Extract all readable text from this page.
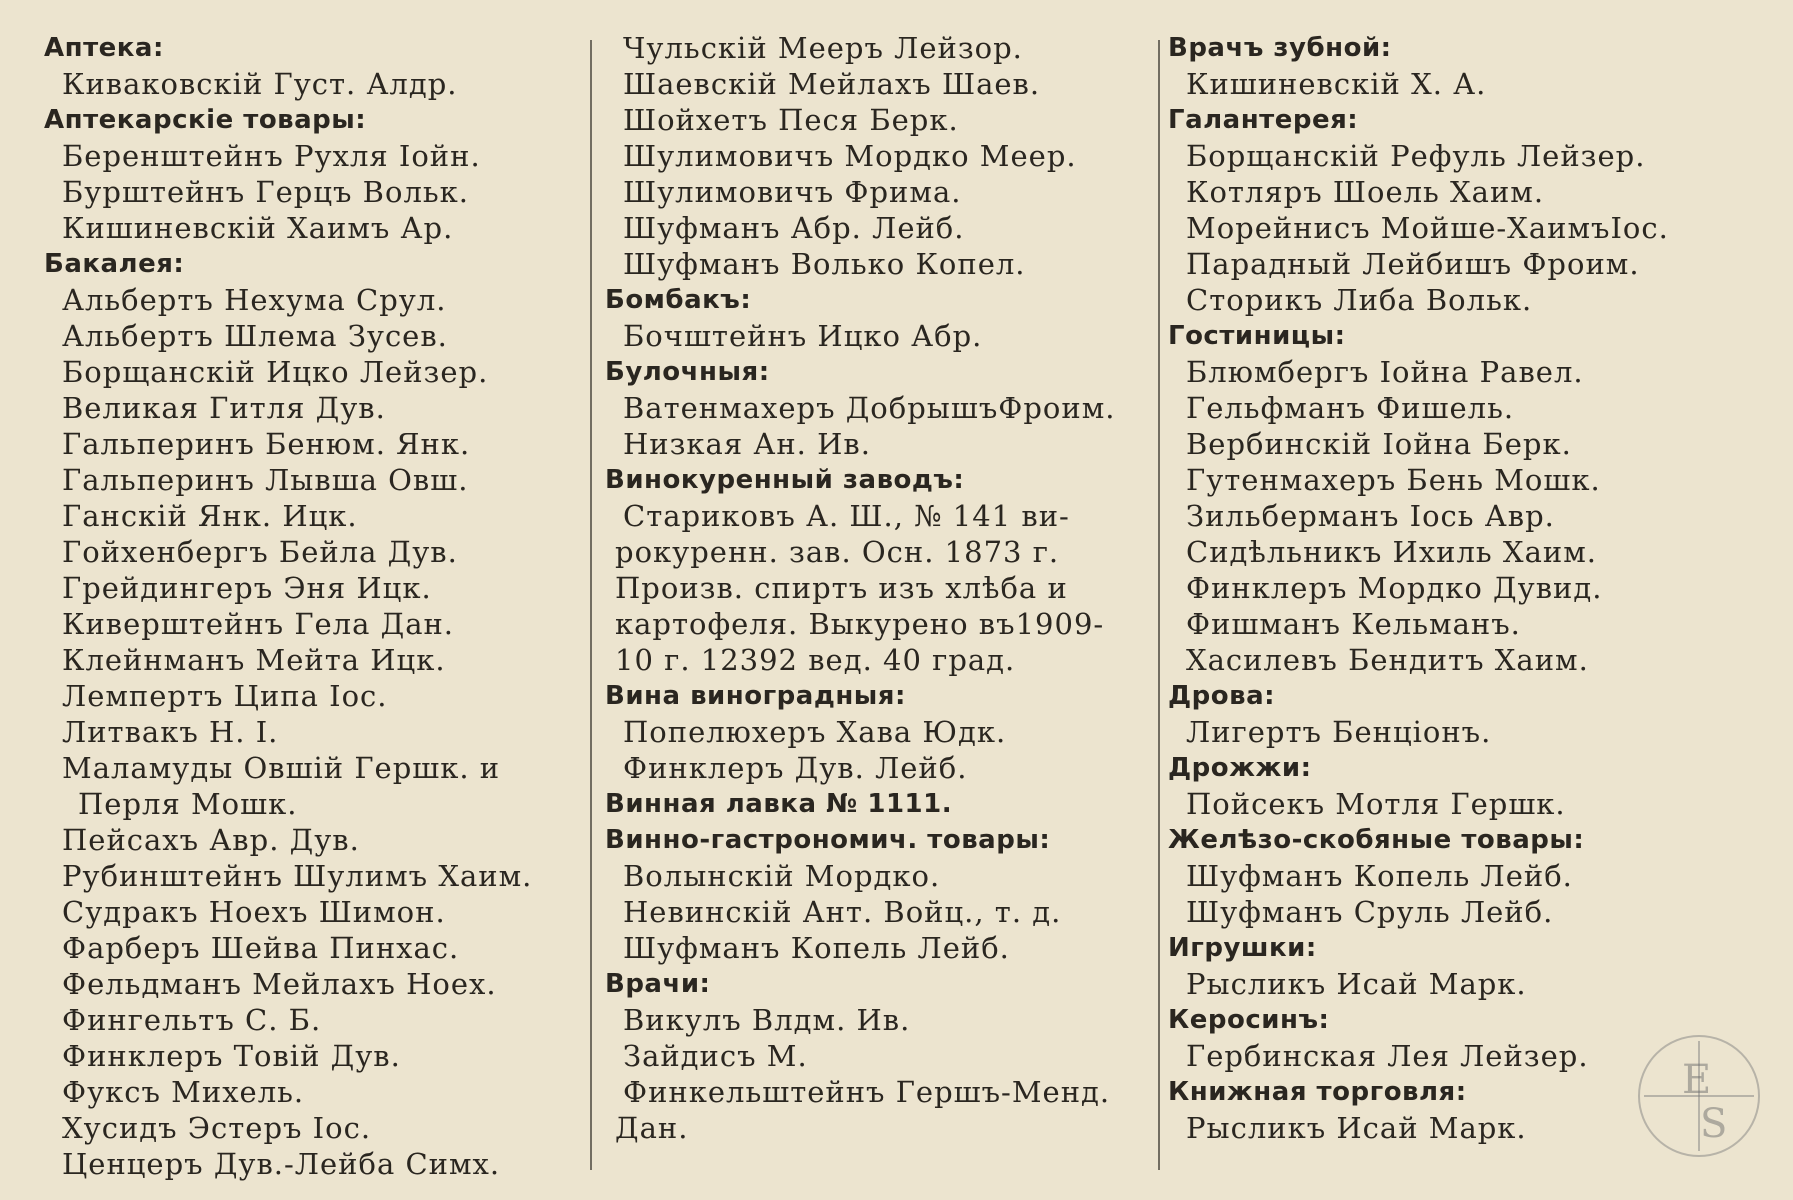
Аптека:
Киваковскій Густ. Алдр.
Аптекарскіе товары:
Беренштейнъ Рухля Іойн.
Бурштейнъ Герцъ Вольк.
Кишиневскій Хаимъ Ар.
Бакалея:
Альбертъ Нехума Срул.
Альбертъ Шлема Зусев.
Борщанскій Ицко Лейзер.
Великая Гитля Дув.
Гальперинъ Бенюм. Янк.
Гальперинъ Лывша Овш.
Ганскій Янк. Ицк.
Гойхенбергъ Бейла Дув.
Грейдингеръ Эня Ицк.
Киверштейнъ Гела Дан.
Клейнманъ Мейта Ицк.
Лемпертъ Ципа Іос.
Литвакъ Н. І.
Маламуды Овшій Гершк. и
Перля Мошк.
Пейсахъ Авр. Дув.
Рубинштейнъ Шулимъ Хаим.
Судракъ Ноехъ Шимон.
Фарберъ Шейва Пинхас.
Фельдманъ Мейлахъ Ноех.
Фингельтъ С. Б.
Финклеръ Товій Дув.
Фуксъ Михель.
Хусидъ Эстеръ Іос.
Ценцеръ Дув.-Лейба Симх.
Чульскій Мееръ Лейзор.
Шаевскій Мейлахъ Шаев.
Шойхетъ Песя Берк.
Шулимовичъ Мордко Меер.
Шулимовичъ Фрима.
Шуфманъ Абр. Лейб.
Шуфманъ Волько Копел.
Бомбакъ:
Бочштейнъ Ицко Абр.
Булочныя:
Ватенмахеръ ДобрышъФроим.
Низкая Ан. Ив.
Винокуренный заводъ:
Стариковъ А. Ш., № 141 ви-
рокуренн. зав. Осн. 1873 г.
Произв. спиртъ изъ хлѣба и
картофеля. Выкурено въ1909-
10 г. 12392 вед. 40 град.
Вина виноградныя:
Попелюхеръ Хава Юдк.
Финклеръ Дув. Лейб.
Винная лавка № 1111.
Винно-гастрономич. товары:
Волынскій Мордко.
Невинскій Ант. Войц., т. д.
Шуфманъ Копель Лейб.
Врачи:
Викулъ Влдм. Ив.
Зайдисъ М.
Финкельштейнъ Гершъ-Менд.
Дан.
Врачъ зубной:
Кишиневскій Х. А.
Галантерея:
Борщанскій Рефуль Лейзер.
Котляръ Шоель Хаим.
Морейнисъ Мойше-ХаимъІос.
Парадный Лейбишъ Фроим.
Сторикъ Либа Вольк.
Гостиницы:
Блюмбергъ Іойна Равел.
Гельфманъ Фишель.
Вербинскій Іойна Берк.
Гутенмахеръ Бень Мошк.
Зильберманъ Іось Авр.
Сидѣльникъ Ихиль Хаим.
Финклеръ Мордко Дувид.
Фишманъ Кельманъ.
Хасилевъ Бендитъ Хаим.
Дрова:
Лигертъ Бенціонъ.
Дрожжи:
Пойсекъ Мотля Гершк.
Желѣзо-скобяные товары:
Шуфманъ Копель Лейб.
Шуфманъ Сруль Лейб.
Игрушки:
Рысликъ Исай Марк.
Керосинъ:
Гербинская Лея Лейзер.
Книжная торговля:
Рысликъ Исай Марк.
E
S
